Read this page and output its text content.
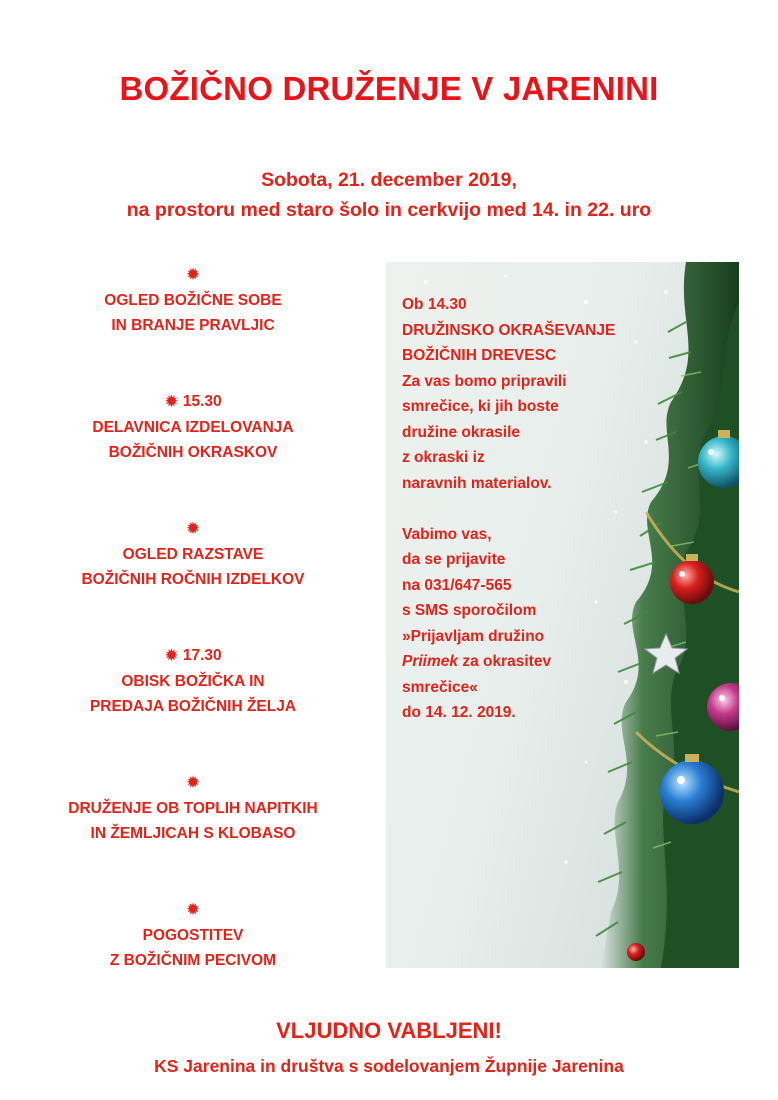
BOŽIČNO DRUŽENJE V JARENINI
Sobota, 21. december 2019,
na prostoru med staro šolo in cerkvijo med 14. in 22. uro
✹
OGLED BOŽIČNE SOBE
IN BRANJE PRAVLJIC
✹ 15.30
DELAVNICA IZDELOVANJA
BOŽIČNIH OKRASKOV
✹
OGLED RAZSTAVE
BOŽIČNIH ROČNIH IZDELKOV
✹ 17.30
OBISK BOŽIČKA IN
PREDAJA BOŽIČNIH ŽELJA
✹
DRUŽENJE OB TOPLIH NAPITKIH
IN ŽEMLJICAH S KLOBASO
✹
POGOSTITEV
Z BOŽIČNIM PECIVOM
Ob 14.30
DRUŽINSKO OKRAŠEVANJE
BOŽIČNIH DREVESC
Za vas bomo pripravili
smrečice, ki jih boste
družine okrasile
z okraski iz
naravnih materialov.
Vabimo vas,
da se prijavite
na 031/647-565
s SMS sporočilom
»Prijavljam družino
Priimek za okrasitev
smrečice«
do 14. 12. 2019.
VLJUDNO VABLJENI!
KS Jarenina in društva s sodelovanjem Župnije Jarenina
